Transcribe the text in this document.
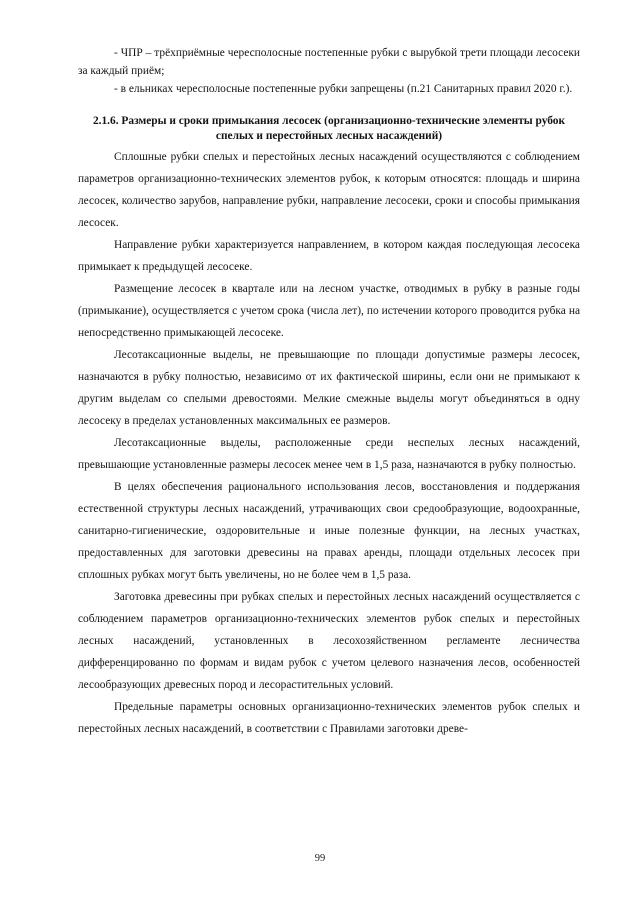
- ЧПР – трёхприёмные чересполосные постепенные рубки с вырубкой трети площади лесосеки за каждый приём;

- в ельниках чересполосные постепенные рубки запрещены (п.21 Санитарных правил 2020 г.).

2.1.6. Размеры и сроки примыкания лесосек (организационно-технические элементы рубок спелых и перестойных лесных насаждений)

Сплошные рубки спелых и перестойных лесных насаждений осуществляются с соблюдением параметров организационно-технических элементов рубок, к которым относятся: площадь и ширина лесосек, количество зарубов, направление рубки, направление лесосеки, сроки и способы примыкания лесосек.

Направление рубки характеризуется направлением, в котором каждая последующая лесосека примыкает к предыдущей лесосеке.

Размещение лесосек в квартале или на лесном участке, отводимых в рубку в разные годы (примыкание), осуществляется с учетом срока (числа лет), по истечении которого проводится рубка на непосредственно примыкающей лесосеке.

Лесотаксационные выделы, не превышающие по площади допустимые размеры лесосек, назначаются в рубку полностью, независимо от их фактической ширины, если они не примыкают к другим выделам со спелыми древостоями. Мелкие смежные выделы могут объединяться в одну лесосеку в пределах установленных максимальных ее размеров.

Лесотаксационные выделы, расположенные среди неспелых лесных насаждений, превышающие установленные размеры лесосек менее чем в 1,5 раза, назначаются в рубку полностью.

В целях обеспечения рационального использования лесов, восстановления и поддержания естественной структуры лесных насаждений, утрачивающих свои средообразующие, водоохранные, санитарно-гигиенические, оздоровительные и иные полезные функции, на лесных участках, предоставленных для заготовки древесины на правах аренды, площади отдельных лесосек при сплошных рубках могут быть увеличены, но не более чем в 1,5 раза.

Заготовка древесины при рубках спелых и перестойных лесных насаждений осуществляется с соблюдением параметров организационно-технических элементов рубок спелых и перестойных лесных насаждений, установленных в лесохозяйственном регламенте лесничества дифференцированно по формам и видам рубок с учетом целевого назначения лесов, особенностей лесообразующих древесных пород и лесорастительных условий.

Предельные параметры основных организационно-технических элементов рубок спелых и перестойных лесных насаждений, в соответствии с Правилами заготовки древе-

99
